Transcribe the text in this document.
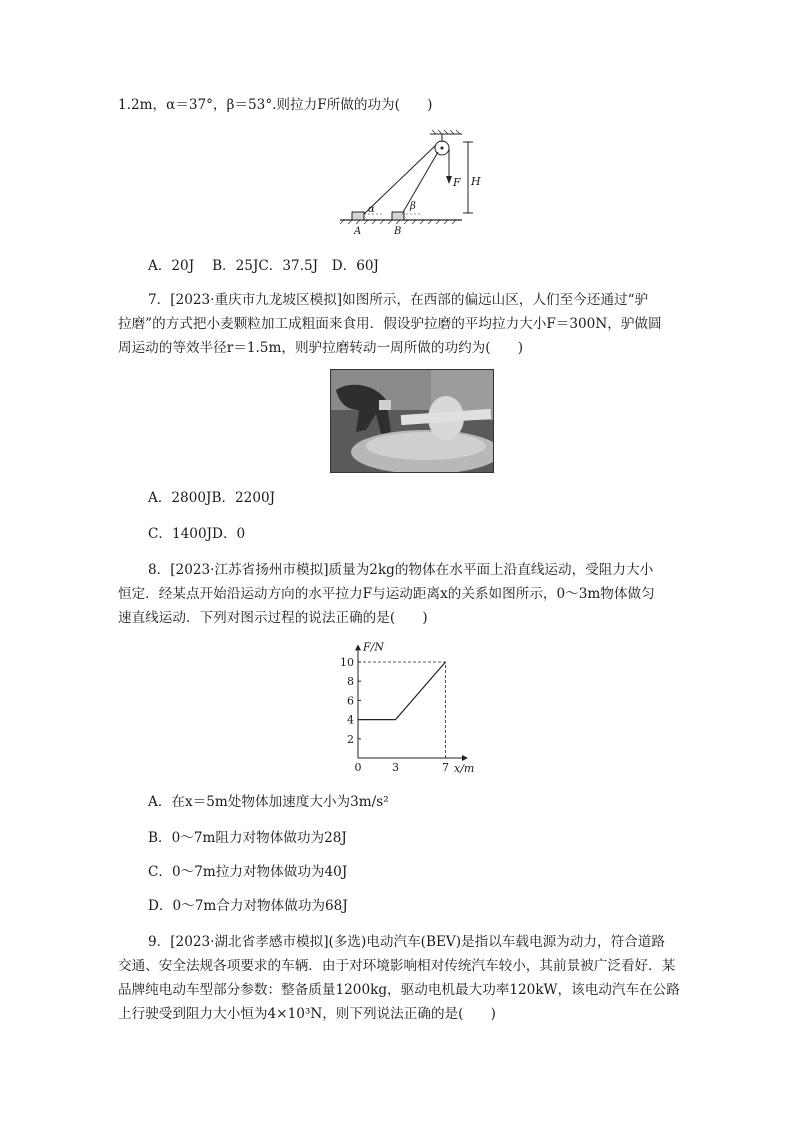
1.2m，α＝37°，β＝53°.则拉力F所做的功为(　　)
F H
α	β
A	B
A．20J　 B．25JC．37.5J　D．60J
7．[2023·重庆市九龙坡区模拟]如图所示，在西部的偏远山区，人们至今还通过“驴
拉磨”的方式把小麦颗粒加工成粗面来食用．假设驴拉磨的平均拉力大小F＝300N，驴做圆
周运动的等效半径r＝1.5m，则驴拉磨转动一周所做的功约为(　　)
A．2800JB．2200J
C．1400JD．0
8．[2023·江苏省扬州市模拟]质量为2kg的物体在水平面上沿直线运动，受阻力大小
恒定．经某点开始沿运动方向的水平拉力F与运动距离x的关系如图所示，0～3m物体做匀
速直线运动．下列对图示过程的说法正确的是(　　)
2
4
6
8
10
0	3	7
F/N
x/m
A．在x＝5m处物体加速度大小为3m/s²
B．0～7m阻力对物体做功为28J
C．0～7m拉力对物体做功为40J
D．0～7m合力对物体做功为68J
9．[2023·湖北省孝感市模拟](多选)电动汽车(BEV)是指以车载电源为动力，符合道路
交通、安全法规各项要求的车辆．由于对环境影响相对传统汽车较小，其前景被广泛看好．某
品牌纯电动车型部分参数：整备质量1200kg，驱动电机最大功率120kW，该电动汽车在公路
上行驶受到阻力大小恒为4×10³N，则下列说法正确的是(　　)
